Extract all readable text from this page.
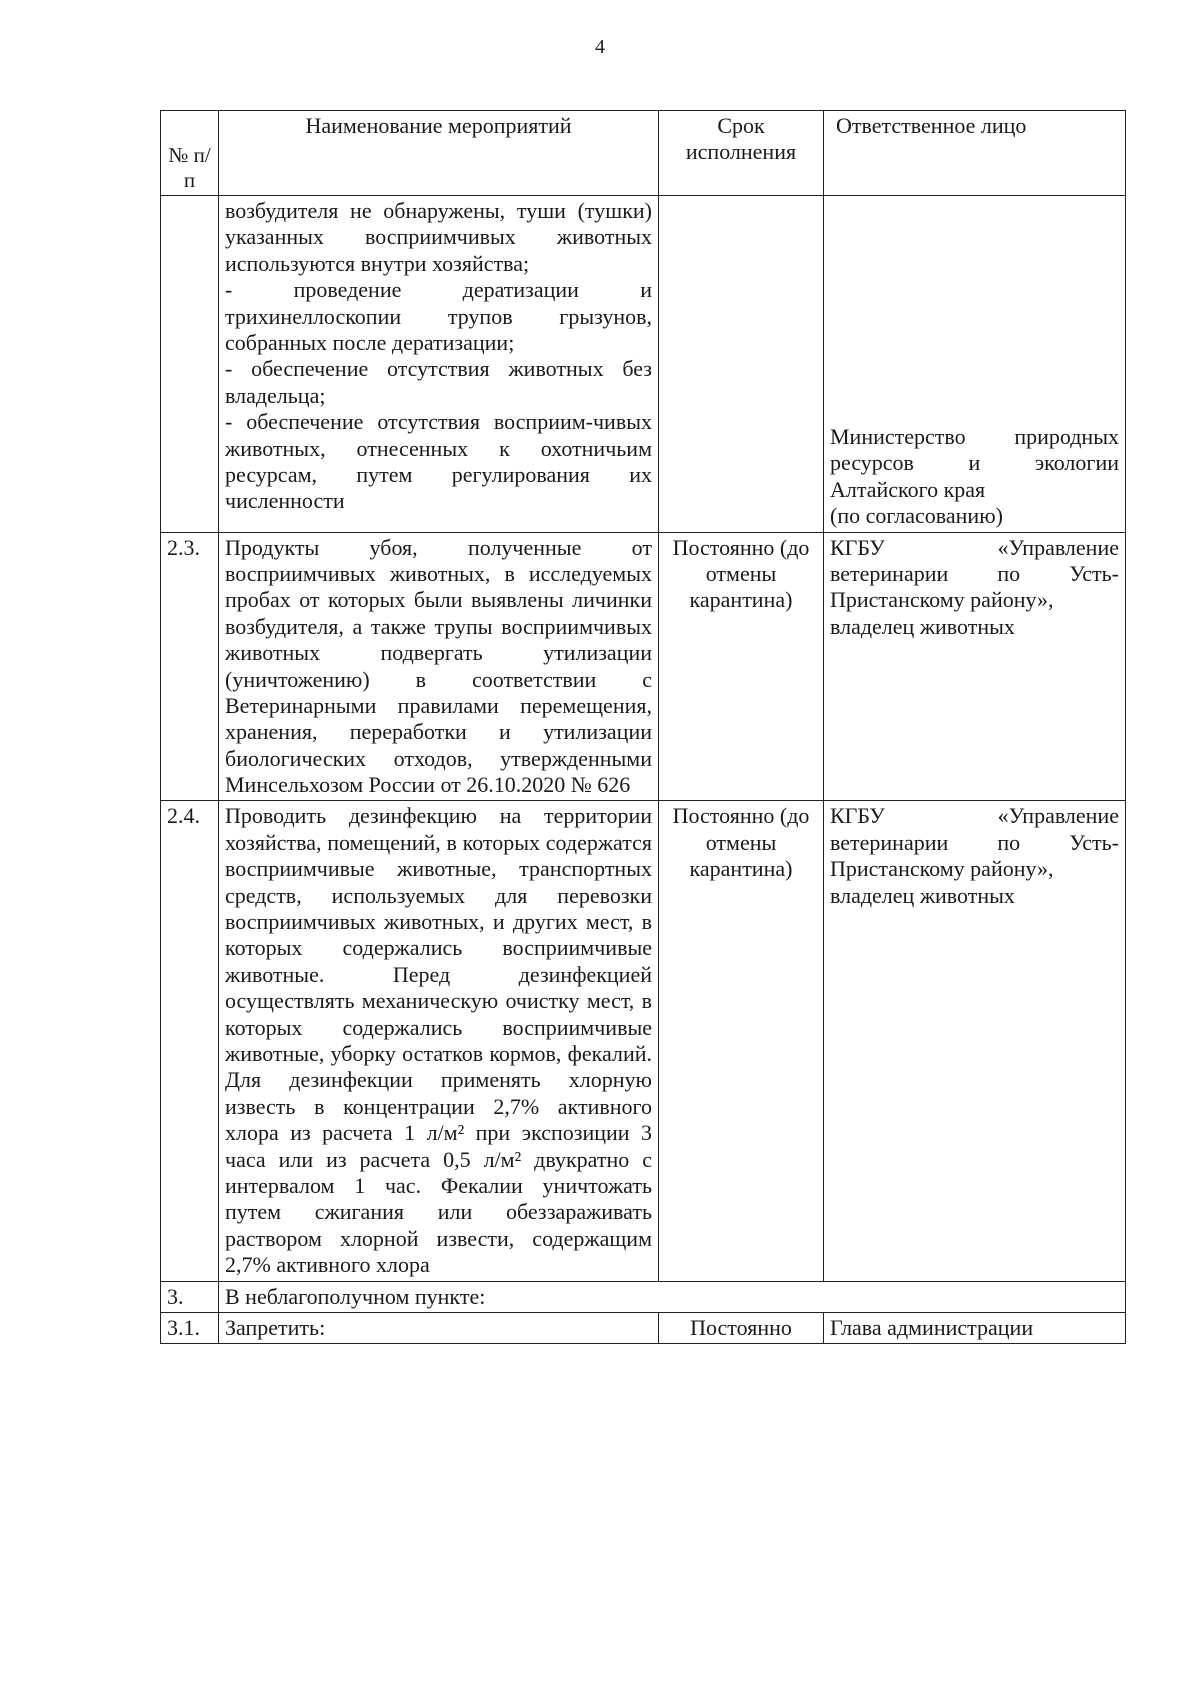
4
№ п/п	Наименование мероприятий	Срок исполнения	Ответственное лицо

	возбудителя не обнаружены, туши (тушки) указанных восприимчивых животных используются внутри хозяйства;
- проведение дератизации и трихинеллоскопии трупов грызунов, собранных после дератизации;
- обеспечение отсутствия животных без владельца;
- обеспечение отсутствия восприим-чивых животных, отнесенных к охотничьим ресурсам, путем регулирования их численности		Министерство природных ресурсов и экологии Алтайского края
(по согласованию)
2.3.	Продукты убоя, полученные от восприимчивых животных, в исследуемых пробах от которых были выявлены личинки возбудителя, а также трупы восприимчивых животных подвергать утилизации (уничтожению) в соответствии с Ветеринарными правилами перемещения, хранения, переработки и утилизации биологических отходов, утвержденными Минсельхозом России от 26.10.2020 № 626	Постоянно (до отмены карантина)	КГБУ «Управление ветеринарии по Усть-Пристанскому району»,
владелец животных
2.4.	Проводить дезинфекцию на территории хозяйства, помещений, в которых содержатся восприимчивые животные, транспортных средств, используемых для перевозки восприимчивых животных, и других мест, в которых содержались восприимчивые животные. Перед дезинфекцией осуществлять механическую очистку мест, в которых содержались восприимчивые животные, уборку остатков кормов, фекалий. Для дезинфекции применять хлорную известь в концентрации 2,7% активного хлора из расчета 1 л/м² при экспозиции 3 часа или из расчета 0,5 л/м² двукратно с интервалом 1 час. Фекалии уничтожать путем сжигания или обеззараживать раствором хлорной извести, содержащим 2,7% активного хлора	Постоянно (до отмены карантина)	КГБУ «Управление ветеринарии по Усть-Пристанскому району»,
владелец животных
3.	В неблагополучном пункте:		
3.1.	Запретить:	Постоянно	Глава администрации
